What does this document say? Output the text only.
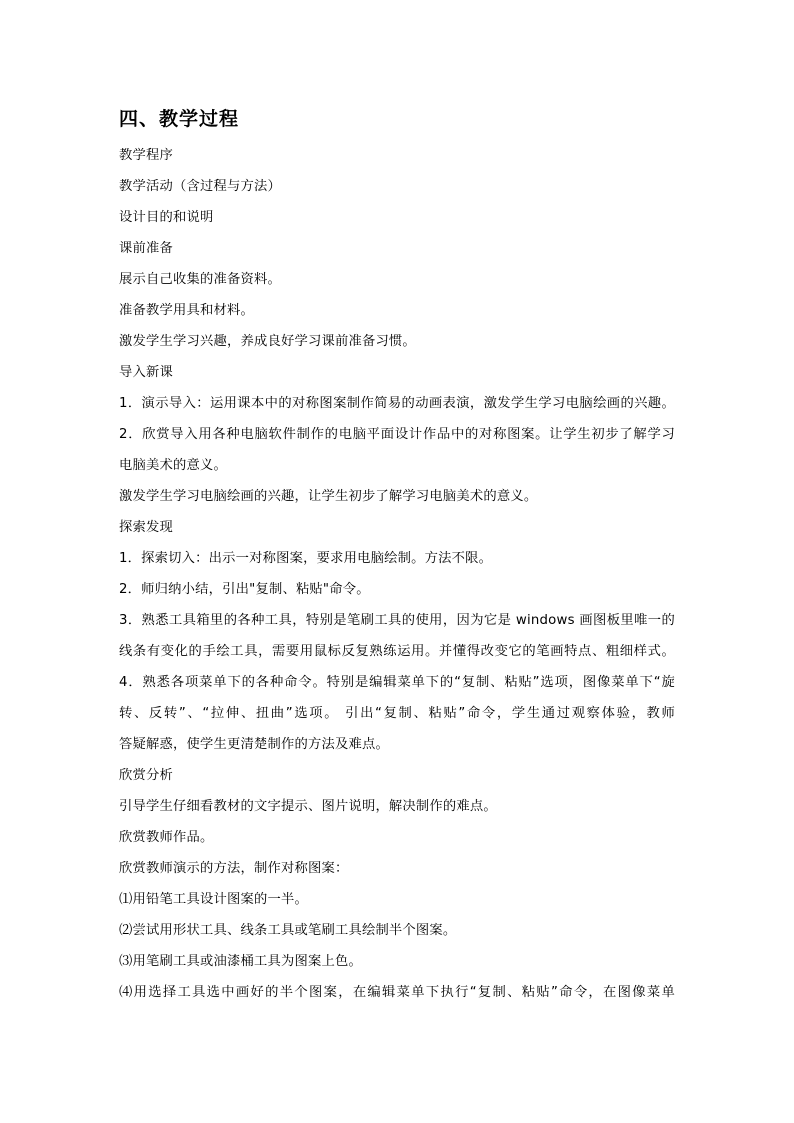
四、教学过程
教学程序
教学活动（含过程与方法）
设计目的和说明
课前准备
展示自己收集的准备资料。
准备教学用具和材料。
激发学生学习兴趣，养成良好学习课前准备习惯。
导入新课
1．演示导入：运用课本中的对称图案制作简易的动画表演，激发学生学习电脑绘画的兴趣。
2．欣赏导入用各种电脑软件制作的电脑平面设计作品中的对称图案。让学生初步了解学习
电脑美术的意义。
激发学生学习电脑绘画的兴趣，让学生初步了解学习电脑美术的意义。
探索发现
1．探索切入：出示一对称图案，要求用电脑绘制。方法不限。
2．师归纳小结，引出"复制、粘贴"命令。
3．熟悉工具箱里的各种工具，特别是笔刷工具的使用，因为它是 windows 画图板里唯一的
线条有变化的手绘工具，需要用鼠标反复熟练运用。并懂得改变它的笔画特点、粗细样式。
4．熟悉各项菜单下的各种命令。特别是编辑菜单下的“复制、粘贴”选项，图像菜单下“旋
转、反转”、“拉伸、扭曲”选项。 引出“复制、粘贴”命令，学生通过观察体验，教师
答疑解惑，使学生更清楚制作的方法及难点。
欣赏分析
引导学生仔细看教材的文字提示、图片说明，解决制作的难点。
欣赏教师作品。
欣赏教师演示的方法，制作对称图案：
⑴用铅笔工具设计图案的一半。
⑵尝试用形状工具、线条工具或笔刷工具绘制半个图案。
⑶用笔刷工具或油漆桶工具为图案上色。
⑷用选择工具选中画好的半个图案，在编辑菜单下执行“复制、粘贴”命令，在图像菜单
